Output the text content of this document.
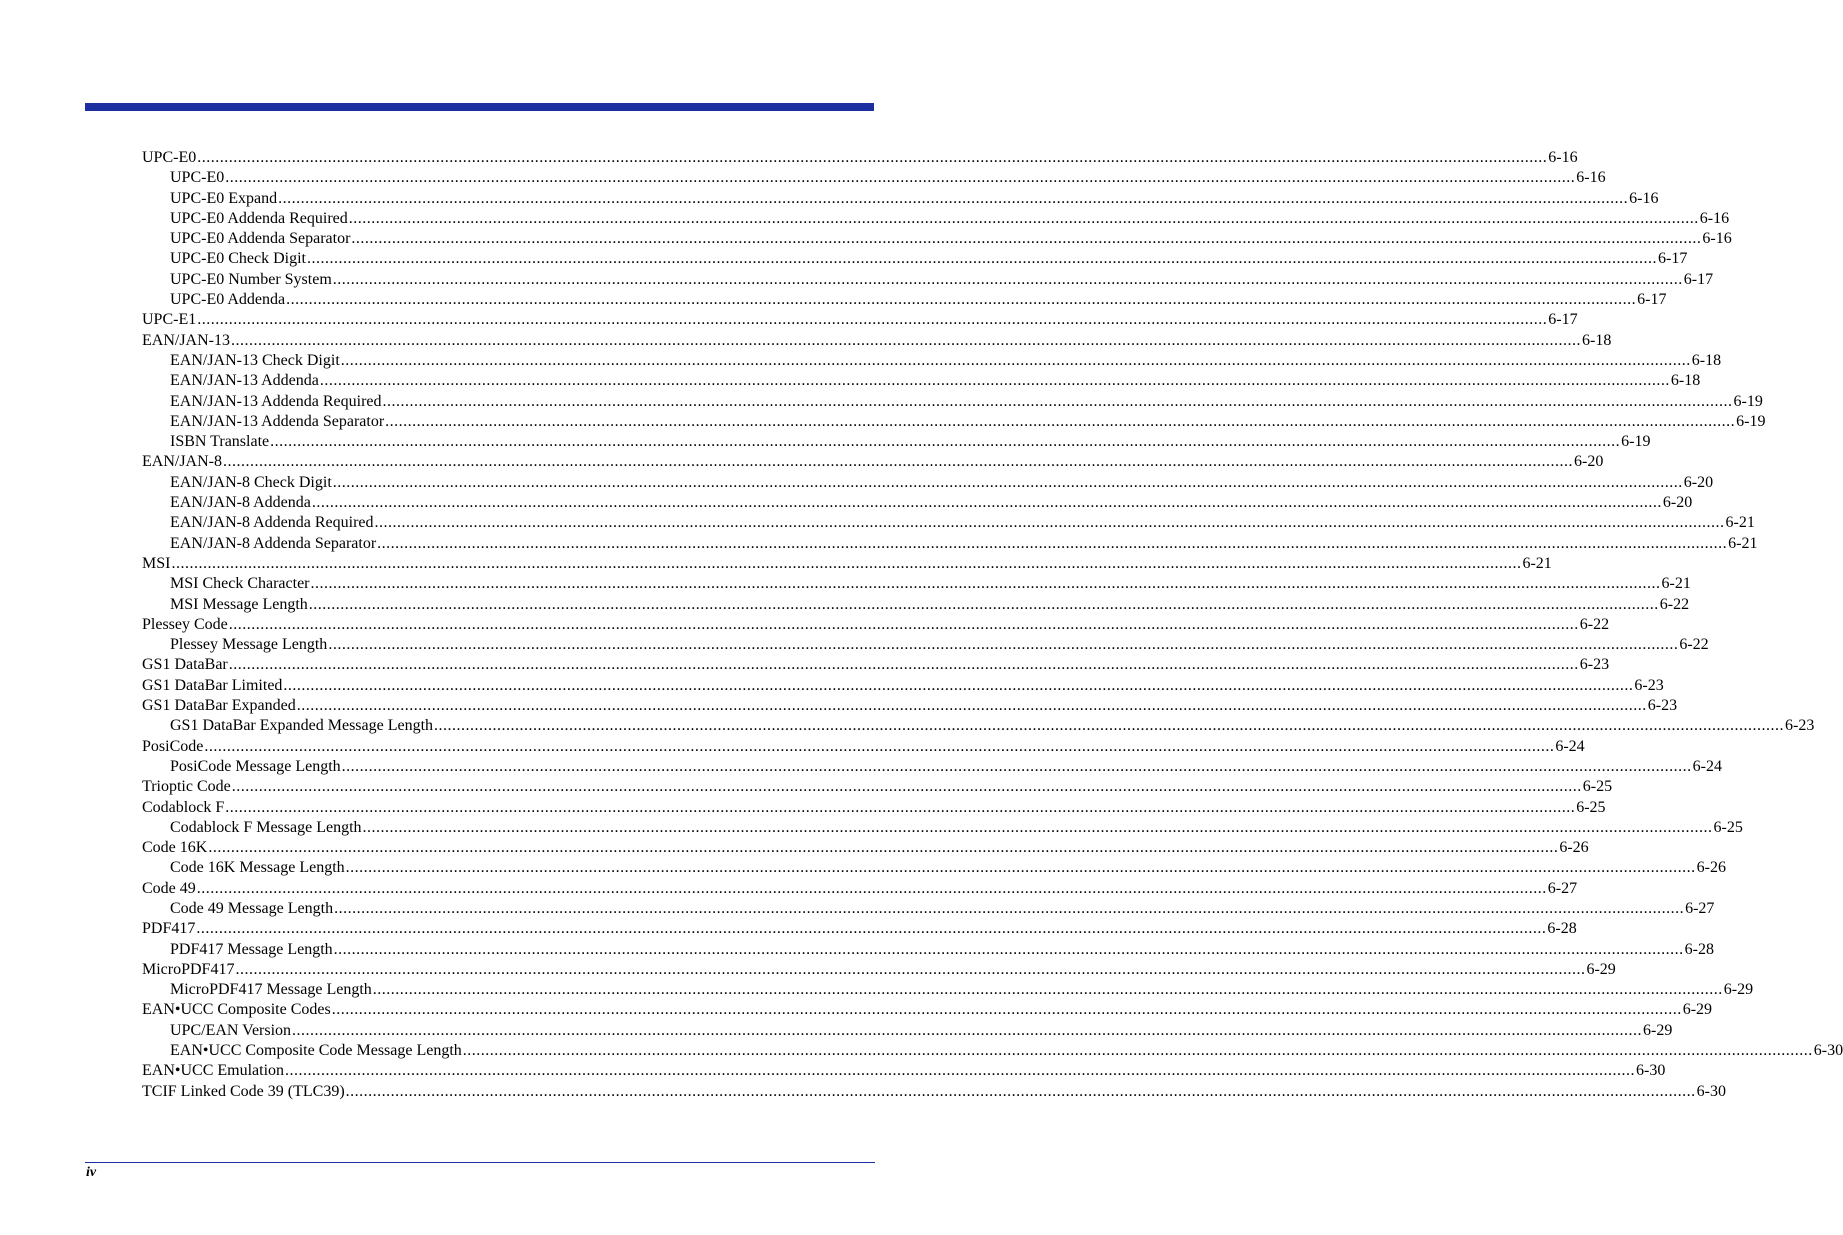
UPC-E0 ............................................................................................................................................................................................................................................................................................................ 6-16
UPC-E0 ............................................................................................................................................................................................................................................................................................................ 6-16
UPC-E0 Expand ............................................................................................................................................................................................................................................................................................................ 6-16
UPC-E0 Addenda Required ............................................................................................................................................................................................................................................................................................................ 6-16
UPC-E0 Addenda Separator ............................................................................................................................................................................................................................................................................................................ 6-16
UPC-E0 Check Digit ............................................................................................................................................................................................................................................................................................................ 6-17
UPC-E0 Number System ............................................................................................................................................................................................................................................................................................................ 6-17
UPC-E0 Addenda ............................................................................................................................................................................................................................................................................................................ 6-17
UPC-E1 ............................................................................................................................................................................................................................................................................................................ 6-17
EAN/JAN-13 ............................................................................................................................................................................................................................................................................................................ 6-18
EAN/JAN-13 Check Digit ............................................................................................................................................................................................................................................................................................................ 6-18
EAN/JAN-13 Addenda ............................................................................................................................................................................................................................................................................................................ 6-18
EAN/JAN-13 Addenda Required ............................................................................................................................................................................................................................................................................................................ 6-19
EAN/JAN-13 Addenda Separator ............................................................................................................................................................................................................................................................................................................ 6-19
ISBN Translate ............................................................................................................................................................................................................................................................................................................ 6-19
EAN/JAN-8 ............................................................................................................................................................................................................................................................................................................ 6-20
EAN/JAN-8 Check Digit ............................................................................................................................................................................................................................................................................................................ 6-20
EAN/JAN-8 Addenda ............................................................................................................................................................................................................................................................................................................ 6-20
EAN/JAN-8 Addenda Required ............................................................................................................................................................................................................................................................................................................ 6-21
EAN/JAN-8 Addenda Separator ............................................................................................................................................................................................................................................................................................................ 6-21
MSI ............................................................................................................................................................................................................................................................................................................ 6-21
MSI Check Character ............................................................................................................................................................................................................................................................................................................ 6-21
MSI Message Length ............................................................................................................................................................................................................................................................................................................ 6-22
Plessey Code ............................................................................................................................................................................................................................................................................................................ 6-22
Plessey Message Length ............................................................................................................................................................................................................................................................................................................ 6-22
GS1 DataBar ............................................................................................................................................................................................................................................................................................................ 6-23
GS1 DataBar Limited ............................................................................................................................................................................................................................................................................................................ 6-23
GS1 DataBar Expanded ............................................................................................................................................................................................................................................................................................................ 6-23
GS1 DataBar Expanded Message Length ............................................................................................................................................................................................................................................................................................................ 6-23
PosiCode ............................................................................................................................................................................................................................................................................................................ 6-24
PosiCode Message Length ............................................................................................................................................................................................................................................................................................................ 6-24
Trioptic Code ............................................................................................................................................................................................................................................................................................................ 6-25
Codablock F ............................................................................................................................................................................................................................................................................................................ 6-25
Codablock F Message Length ............................................................................................................................................................................................................................................................................................................ 6-25
Code 16K ............................................................................................................................................................................................................................................................................................................ 6-26
Code 16K Message Length ............................................................................................................................................................................................................................................................................................................ 6-26
Code 49 ............................................................................................................................................................................................................................................................................................................ 6-27
Code 49 Message Length ............................................................................................................................................................................................................................................................................................................ 6-27
PDF417 ............................................................................................................................................................................................................................................................................................................ 6-28
PDF417 Message Length ............................................................................................................................................................................................................................................................................................................ 6-28
MicroPDF417 ............................................................................................................................................................................................................................................................................................................ 6-29
MicroPDF417 Message Length ............................................................................................................................................................................................................................................................................................................ 6-29
EAN•UCC Composite Codes ............................................................................................................................................................................................................................................................................................................ 6-29
UPC/EAN Version ............................................................................................................................................................................................................................................................................................................ 6-29
EAN•UCC Composite Code Message Length ............................................................................................................................................................................................................................................................................................................ 6-30
EAN•UCC Emulation ............................................................................................................................................................................................................................................................................................................ 6-30
TCIF Linked Code 39 (TLC39) ............................................................................................................................................................................................................................................................................................................ 6-30
iv
